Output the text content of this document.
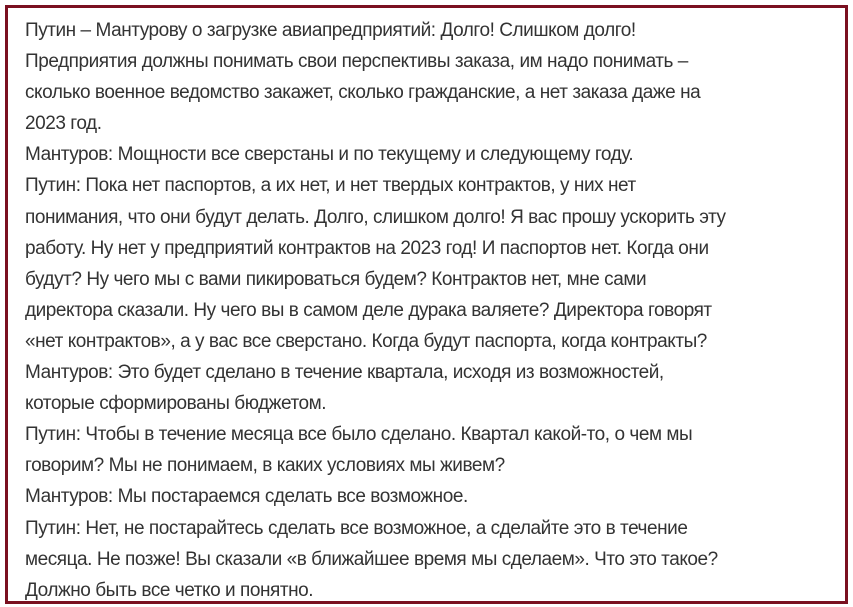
Путин – Мантурову о загрузке авиапредприятий: Долго! Слишком долго!
Предприятия должны понимать свои перспективы заказа, им надо понимать –
сколько военное ведомство закажет, сколько гражданские, а нет заказа даже на
2023 год.
Мантуров: Мощности все сверстаны и по текущему и следующему году.
Путин: Пока нет паспортов, а их нет, и нет твердых контрактов, у них нет
понимания, что они будут делать. Долго, слишком долго! Я вас прошу ускорить эту
работу. Ну нет у предприятий контрактов на 2023 год! И паспортов нет. Когда они
будут? Ну чего мы с вами пикироваться будем? Контрактов нет, мне сами
директора сказали. Ну чего вы в самом деле дурака валяете? Директора говорят
«нет контрактов», а у вас все сверстано. Когда будут паспорта, когда контракты?
Мантуров: Это будет сделано в течение квартала, исходя из возможностей,
которые сформированы бюджетом.
Путин: Чтобы в течение месяца все было сделано. Квартал какой-то, о чем мы
говорим? Мы не понимаем, в каких условиях мы живем?
Мантуров: Мы постараемся сделать все возможное.
Путин: Нет, не постарайтесь сделать все возможное, а сделайте это в течение
месяца. Не позже! Вы сказали «в ближайшее время мы сделаем». Что это такое?
Должно быть все четко и понятно.
